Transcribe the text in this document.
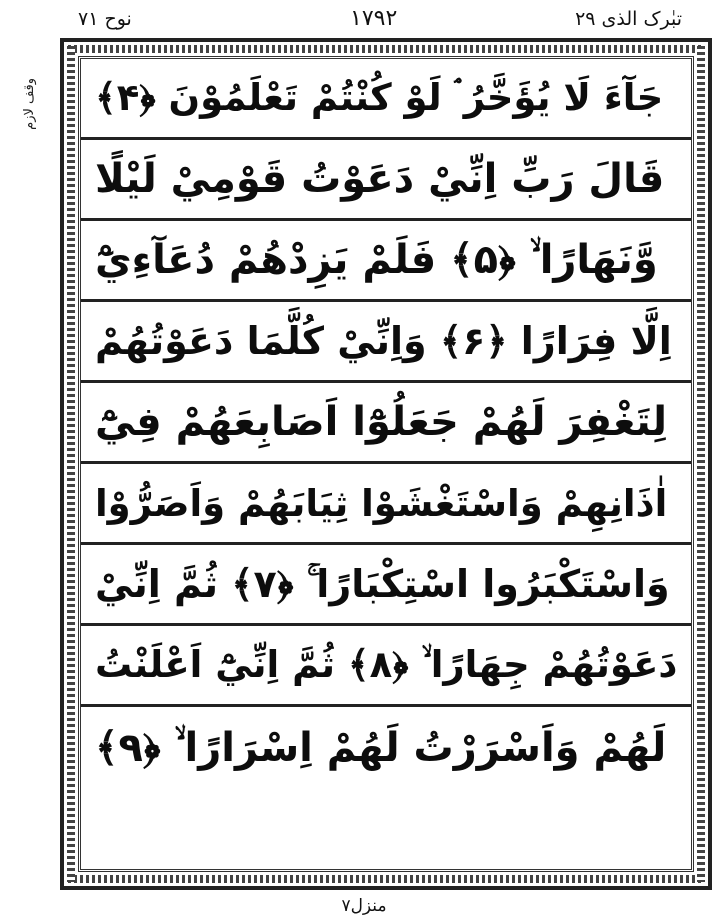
نوح ۷۱	۱۷۹۲	تبٰرک الذی ۲۹
وقف لازم جَآءَ لَا يُؤَخَّرُ ۘ لَوْ كُنْتُمْ تَعْلَمُوْنَ ﴿۴﴾
قَالَ رَبِّ اِنِّيْ دَعَوْتُ قَوْمِيْ لَيْلًا
وَّنَهَارًا ۙ ﴿۵﴾ فَلَمْ يَزِدْهُمْ دُعَآءِيْٓ
اِلَّا فِرَارًا ﴿۶﴾ وَاِنِّيْ كُلَّمَا دَعَوْتُهُمْ
لِتَغْفِرَ لَهُمْ جَعَلُوْٓا اَصَابِعَهُمْ فِيْٓ
اٰذَانِهِمْ وَاسْتَغْشَوْا ثِيَابَهُمْ وَاَصَرُّوْا
وَاسْتَكْبَرُوا اسْتِكْبَارًا ۚ ﴿۷﴾ ثُمَّ اِنِّيْ
دَعَوْتُهُمْ جِهَارًا ۙ ﴿۸﴾ ثُمَّ اِنِّيْٓ اَعْلَنْتُ
لَهُمْ وَاَسْرَرْتُ لَهُمْ اِسْرَارًا ۙ ﴿۹﴾
منزل۷
